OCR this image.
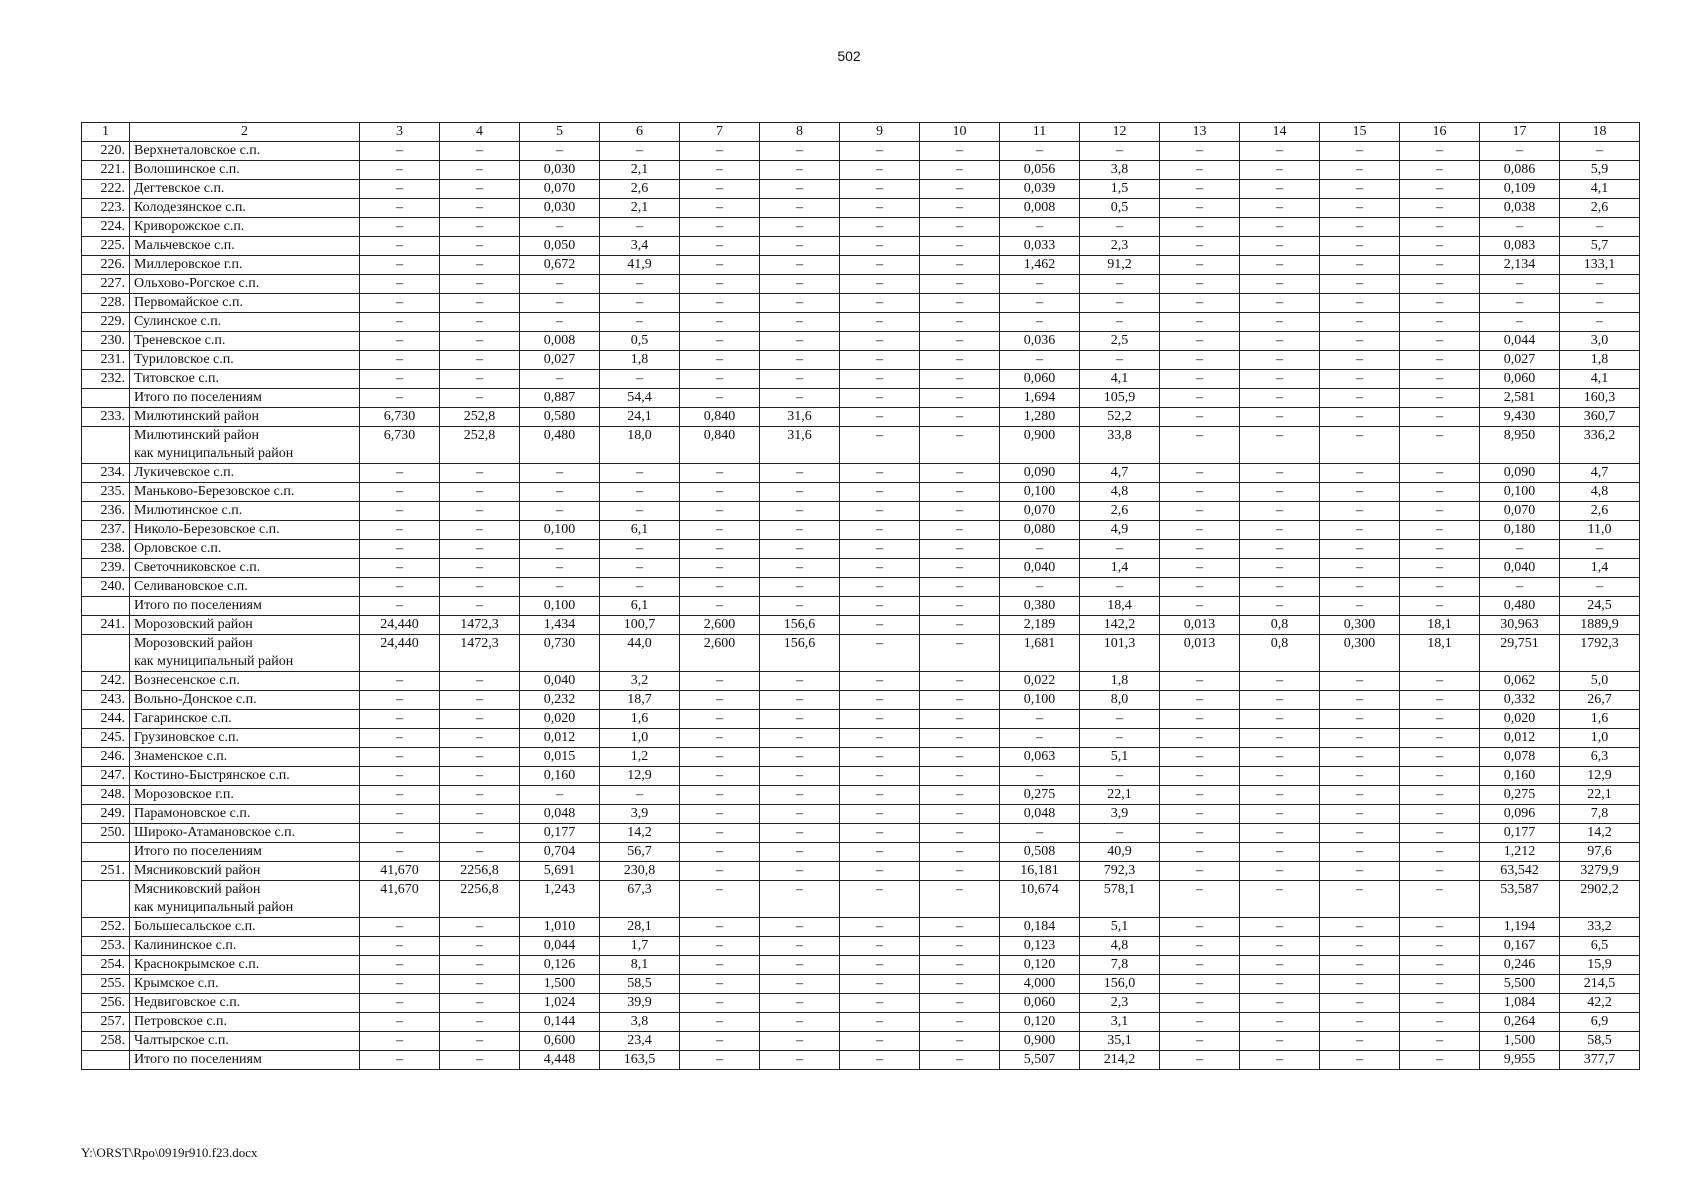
502
1	2	3	4	5	6	7	8	9	10	11	12	13	14	15	16	17	18
220.	Верхнеталовское с.п.	–	–	–	–	–	–	–	–	–	–	–	–	–	–	–	–
221.	Волошинское с.п.	–	–	0,030	2,1	–	–	–	–	0,056	3,8	–	–	–	–	0,086	5,9
222.	Дегтевское с.п.	–	–	0,070	2,6	–	–	–	–	0,039	1,5	–	–	–	–	0,109	4,1
223.	Колодезянское с.п.	–	–	0,030	2,1	–	–	–	–	0,008	0,5	–	–	–	–	0,038	2,6
224.	Криворожское с.п.	–	–	–	–	–	–	–	–	–	–	–	–	–	–	–	–
225.	Мальчевское с.п.	–	–	0,050	3,4	–	–	–	–	0,033	2,3	–	–	–	–	0,083	5,7
226.	Миллеровское г.п.	–	–	0,672	41,9	–	–	–	–	1,462	91,2	–	–	–	–	2,134	133,1
227.	Ольхово-Рогское с.п.	–	–	–	–	–	–	–	–	–	–	–	–	–	–	–	–
228.	Первомайское с.п.	–	–	–	–	–	–	–	–	–	–	–	–	–	–	–	–
229.	Сулинское с.п.	–	–	–	–	–	–	–	–	–	–	–	–	–	–	–	–
230.	Треневское с.п.	–	–	0,008	0,5	–	–	–	–	0,036	2,5	–	–	–	–	0,044	3,0
231.	Туриловское с.п.	–	–	0,027	1,8	–	–	–	–	–	–	–	–	–	–	0,027	1,8
232.	Титовское с.п.	–	–	–	–	–	–	–	–	0,060	4,1	–	–	–	–	0,060	4,1
	Итого по поселениям	–	–	0,887	54,4	–	–	–	–	1,694	105,9	–	–	–	–	2,581	160,3
233.	Милютинский район	6,730	252,8	0,580	24,1	0,840	31,6	–	–	1,280	52,2	–	–	–	–	9,430	360,7
	Милютинский район
как муниципальный район	6,730	252,8	0,480	18,0	0,840	31,6	–	–	0,900	33,8	–	–	–	–	8,950	336,2
234.	Лукичевское с.п.	–	–	–	–	–	–	–	–	0,090	4,7	–	–	–	–	0,090	4,7
235.	Маньково-Березовское с.п.	–	–	–	–	–	–	–	–	0,100	4,8	–	–	–	–	0,100	4,8
236.	Милютинское с.п.	–	–	–	–	–	–	–	–	0,070	2,6	–	–	–	–	0,070	2,6
237.	Николо-Березовское с.п.	–	–	0,100	6,1	–	–	–	–	0,080	4,9	–	–	–	–	0,180	11,0
238.	Орловское с.п.	–	–	–	–	–	–	–	–	–	–	–	–	–	–	–	–
239.	Светочниковское с.п.	–	–	–	–	–	–	–	–	0,040	1,4	–	–	–	–	0,040	1,4
240.	Селивановское с.п.	–	–	–	–	–	–	–	–	–	–	–	–	–	–	–	–
	Итого по поселениям	–	–	0,100	6,1	–	–	–	–	0,380	18,4	–	–	–	–	0,480	24,5
241.	Морозовский район	24,440	1472,3	1,434	100,7	2,600	156,6	–	–	2,189	142,2	0,013	0,8	0,300	18,1	30,963	1889,9
	Морозовский район
как муниципальный район	24,440	1472,3	0,730	44,0	2,600	156,6	–	–	1,681	101,3	0,013	0,8	0,300	18,1	29,751	1792,3
242.	Вознесенское с.п.	–	–	0,040	3,2	–	–	–	–	0,022	1,8	–	–	–	–	0,062	5,0
243.	Вольно-Донское с.п.	–	–	0,232	18,7	–	–	–	–	0,100	8,0	–	–	–	–	0,332	26,7
244.	Гагаринское с.п.	–	–	0,020	1,6	–	–	–	–	–	–	–	–	–	–	0,020	1,6
245.	Грузиновское с.п.	–	–	0,012	1,0	–	–	–	–	–	–	–	–	–	–	0,012	1,0
246.	Знаменское с.п.	–	–	0,015	1,2	–	–	–	–	0,063	5,1	–	–	–	–	0,078	6,3
247.	Костино-Быстрянское с.п.	–	–	0,160	12,9	–	–	–	–	–	–	–	–	–	–	0,160	12,9
248.	Морозовское г.п.	–	–	–	–	–	–	–	–	0,275	22,1	–	–	–	–	0,275	22,1
249.	Парамоновское с.п.	–	–	0,048	3,9	–	–	–	–	0,048	3,9	–	–	–	–	0,096	7,8
250.	Широко-Атамановское с.п.	–	–	0,177	14,2	–	–	–	–	–	–	–	–	–	–	0,177	14,2
	Итого по поселениям	–	–	0,704	56,7	–	–	–	–	0,508	40,9	–	–	–	–	1,212	97,6
251.	Мясниковский район	41,670	2256,8	5,691	230,8	–	–	–	–	16,181	792,3	–	–	–	–	63,542	3279,9
	Мясниковский район
как муниципальный район	41,670	2256,8	1,243	67,3	–	–	–	–	10,674	578,1	–	–	–	–	53,587	2902,2
252.	Большесальское с.п.	–	–	1,010	28,1	–	–	–	–	0,184	5,1	–	–	–	–	1,194	33,2
253.	Калининское с.п.	–	–	0,044	1,7	–	–	–	–	0,123	4,8	–	–	–	–	0,167	6,5
254.	Краснокрымское с.п.	–	–	0,126	8,1	–	–	–	–	0,120	7,8	–	–	–	–	0,246	15,9
255.	Крымское с.п.	–	–	1,500	58,5	–	–	–	–	4,000	156,0	–	–	–	–	5,500	214,5
256.	Недвиговское с.п.	–	–	1,024	39,9	–	–	–	–	0,060	2,3	–	–	–	–	1,084	42,2
257.	Петровское с.п.	–	–	0,144	3,8	–	–	–	–	0,120	3,1	–	–	–	–	0,264	6,9
258.	Чалтырское с.п.	–	–	0,600	23,4	–	–	–	–	0,900	35,1	–	–	–	–	1,500	58,5
	Итого по поселениям	–	–	4,448	163,5	–	–	–	–	5,507	214,2	–	–	–	–	9,955	377,7
Y:\ORST\Rpo\0919r910.f23.docx
